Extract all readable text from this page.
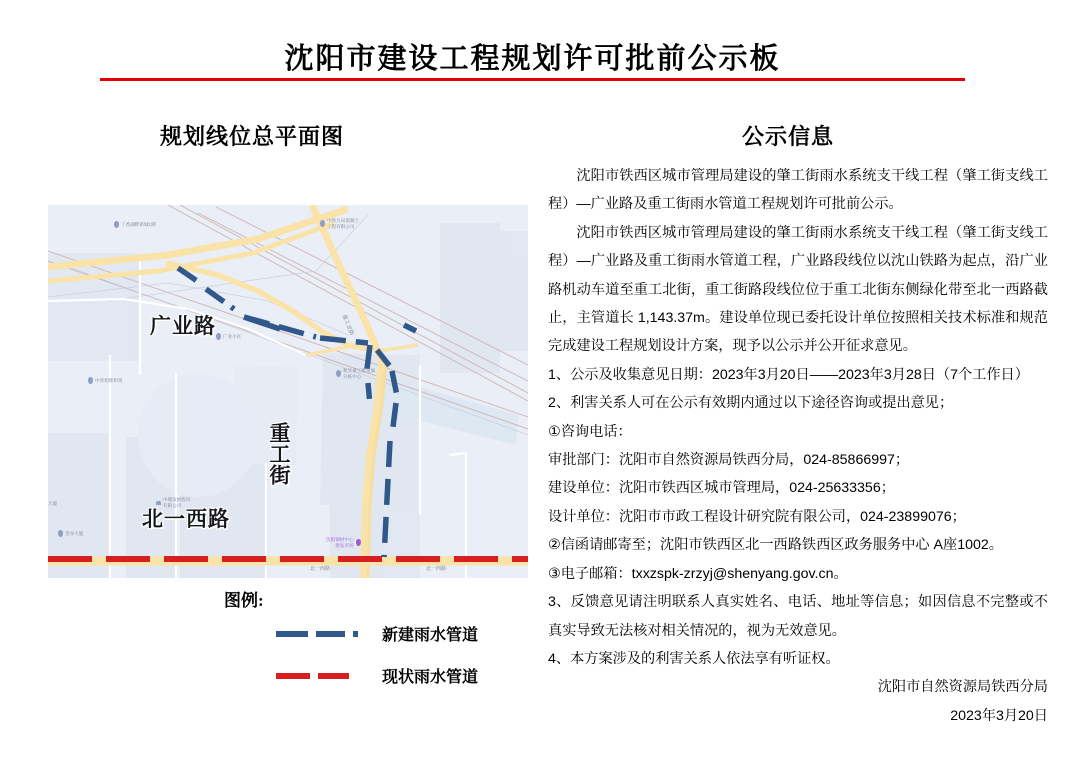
沈阳市建设工程规划许可批前公示板
规划线位总平面图	公示信息
北一西路	北一西路
重工北街
丁香湖畔新城1期
中铁九局混凝土
工程有限公司
广业小区
中青旭辉和筑
秋实重工废金属
分拣中心
中储发展股份
有限公司
金谷大厦
大厦
沈阳钢材中心
批发市场
广业路
重工街
北一西路
图例:
新建雨水管道
现状雨水管道

沈阳市铁西区城市管理局建设的肇工街雨水系统支干线工程（肇工街支线工程）—广业路及重工街雨水管道工程规划许可批前公示。

沈阳市铁西区城市管理局建设的肇工街雨水系统支干线工程（肇工街支线工程）—广业路及重工街雨水管道工程，广业路段线位以沈山铁路为起点，沿广业路机动车道至重工北街，重工街路段线位位于重工北街东侧绿化带至北一西路截止，主管道长 1,143.37m。建设单位现已委托设计单位按照相关技术标准和规范完成建设工程规划设计方案，现予以公示并公开征求意见。

1、公示及收集意见日期：2023年3月20日——2023年3月28日（7个工作日）

2、利害关系人可在公示有效期内通过以下途径咨询或提出意见；

①咨询电话：

审批部门：沈阳市自然资源局铁西分局，024-85866997；

建设单位：沈阳市铁西区城市管理局，024-25633356；

设计单位：沈阳市市政工程设计研究院有限公司，024-23899076；

②信函请邮寄至；沈阳市铁西区北一西路铁西区政务服务中心 A座1002。

③电子邮箱：txxzspk-zrzyj@shenyang.gov.cn。

3、反馈意见请注明联系人真实姓名、电话、地址等信息；如因信息不完整或不真实导致无法核对相关情况的，视为无效意见。

4、本方案涉及的利害关系人依法享有听证权。

沈阳市自然资源局铁西分局

2023年3月20日
